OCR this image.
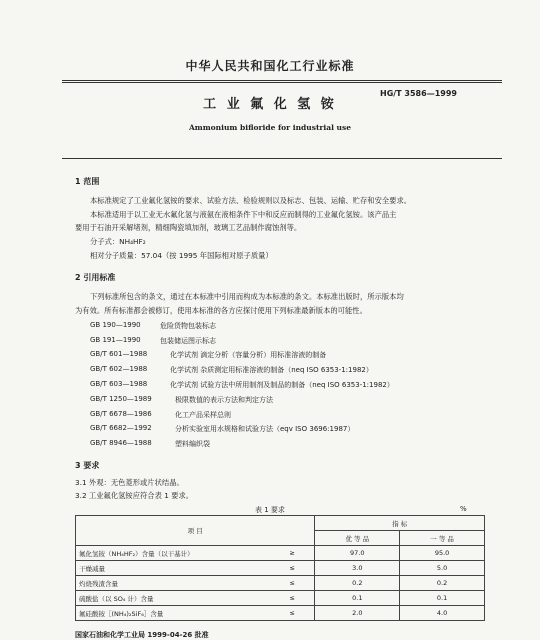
中华人民共和国化工行业标准
HG/T 3586—1999
工 业 氟 化 氢 铵
Ammonium bifloride for industrial use
1 范围
本标准规定了工业氟化氢铵的要求、试验方法、检验规则以及标志、包装、运输、贮存和安全要求。
本标准适用于以工业无水氟化氢与液氨在液相条件下中和反应而制得的工业氟化氢铵。该产品主
要用于石油开采解堵剂，精细陶瓷填加剂，玻璃工艺品制作腐蚀剂等。
分子式：NH₄HF₂
相对分子质量：57.04（按 1995 年国际相对原子质量）
2 引用标准
下列标准所包含的条文，通过在本标准中引用而构成为本标准的条文。本标准出版时，所示版本均
为有效。所有标准都会被修订，使用本标准的各方应探讨使用下列标准最新版本的可能性。
GB 190—1990	危险货物包装标志
GB 191—1990	包装储运图示标志
GB/T 601—1988	化学试剂 滴定分析（容量分析）用标准溶液的制备
GB/T 602—1988	化学试剂 杂质测定用标准溶液的制备（neq ISO 6353-1:1982）
GB/T 603—1988	化学试剂 试验方法中所用制剂及制品的制备（neq ISO 6353-1:1982）
GB/T 1250—1989	极限数值的表示方法和判定方法
GB/T 6678—1986	化工产品采样总则
GB/T 6682—1992	分析实验室用水规格和试验方法（eqv ISO 3696:1987）
GB/T 8946—1988	塑料编织袋
3 要求
3.1 外观：无色菱形或片状结晶。
3.2 工业氟化氢铵应符合表 1 要求。
表 1 要求	%
项 目		指 标	
		优 等 品	一 等 品
氟化氢铵（NH₄HF₂）含量（以干基计）	≥	97.0	95.0
干燥减量	≤	3.0	5.0
灼烧残渣含量	≤	0.2	0.2
硫酸盐（以 SO₄ 计）含量	≤	0.1	0.1
氟硅酸铵［(NH₄)₂SiF₆］含量	≤	2.0	4.0
国家石油和化学工业局 1999-04-26 批准
